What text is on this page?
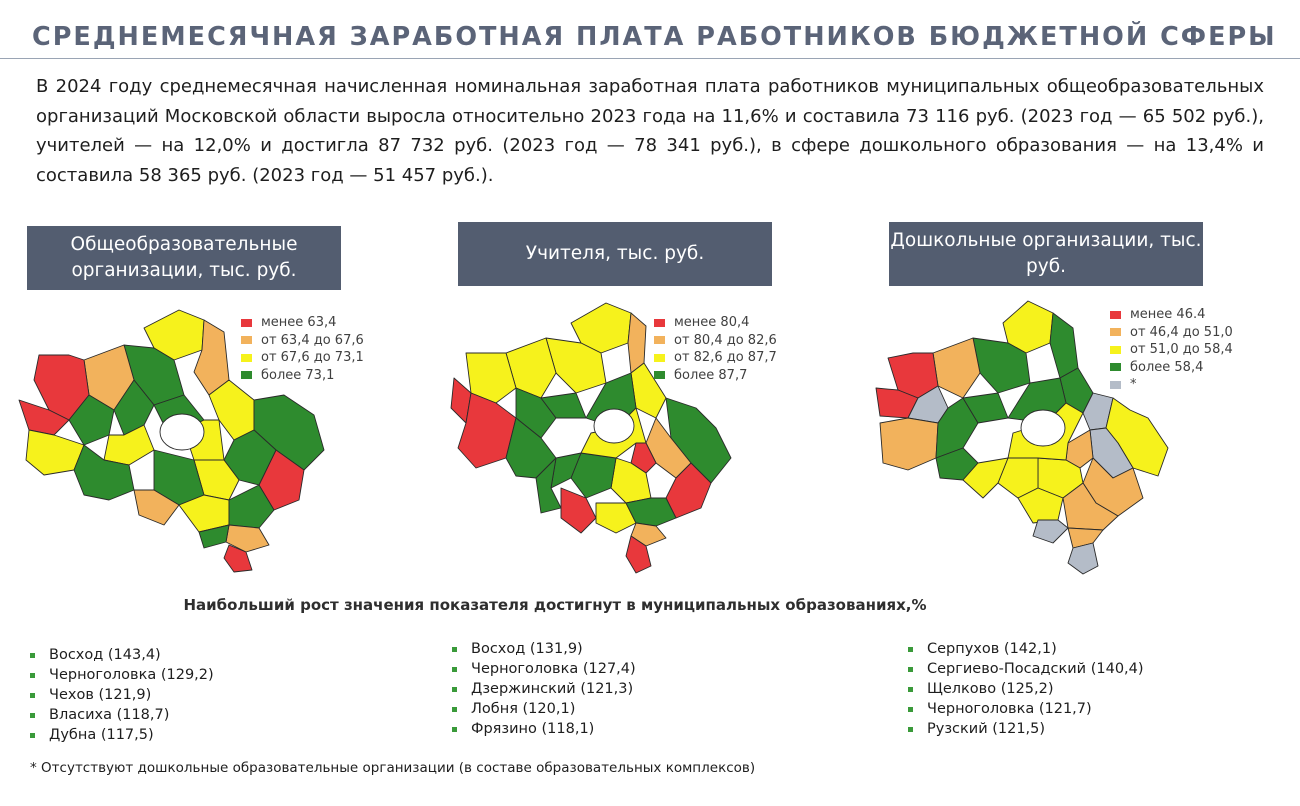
СРЕДНЕМЕСЯЧНАЯ ЗАРАБОТНАЯ ПЛАТА РАБОТНИКОВ БЮДЖЕТНОЙ СФЕРЫ
В 2024 году среднемесячная начисленная номинальная заработная плата работников муниципальных общеобразовательных организаций Московской области выросла относительно 2023 года на 11,6% и составила 73 116 руб. (2023 год — 65 502 руб.), учителей — на 12,0% и достигла 87 732 руб. (2023 год — 78 341 руб.), в сфере дошкольного образования — на 13,4% и составила 58 365 руб. (2023 год — 51 457 руб.).
Общеобразовательные организации, тыс. руб.
менее 63,4
от 63,4 до 67,6
от 67,6 до 73,1
более 73,1
Учителя, тыс. руб.
менее 80,4
от 80,4 до 82,6
от 82,6 до 87,7
более 87,7
Дошкольные организации, тыс. руб.
менее 46.4
от 46,4 до 51,0
от 51,0 до 58,4
более 58,4
*
Наибольший рост значения показателя достигнут в муниципальных образованиях,%
Восход (143,4)
Черноголовка (129,2)
Чехов (121,9)
Власиха (118,7)
Дубна (117,5)
Восход (131,9)
Черноголовка (127,4)
Дзержинский (121,3)
Лобня (120,1)
Фрязино (118,1)
Серпухов (142,1)
Сергиево-Посадский (140,4)
Щелково (125,2)
Черноголовка (121,7)
Рузский (121,5)
* Отсутствуют дошкольные образовательные организации (в составе образовательных комплексов)
